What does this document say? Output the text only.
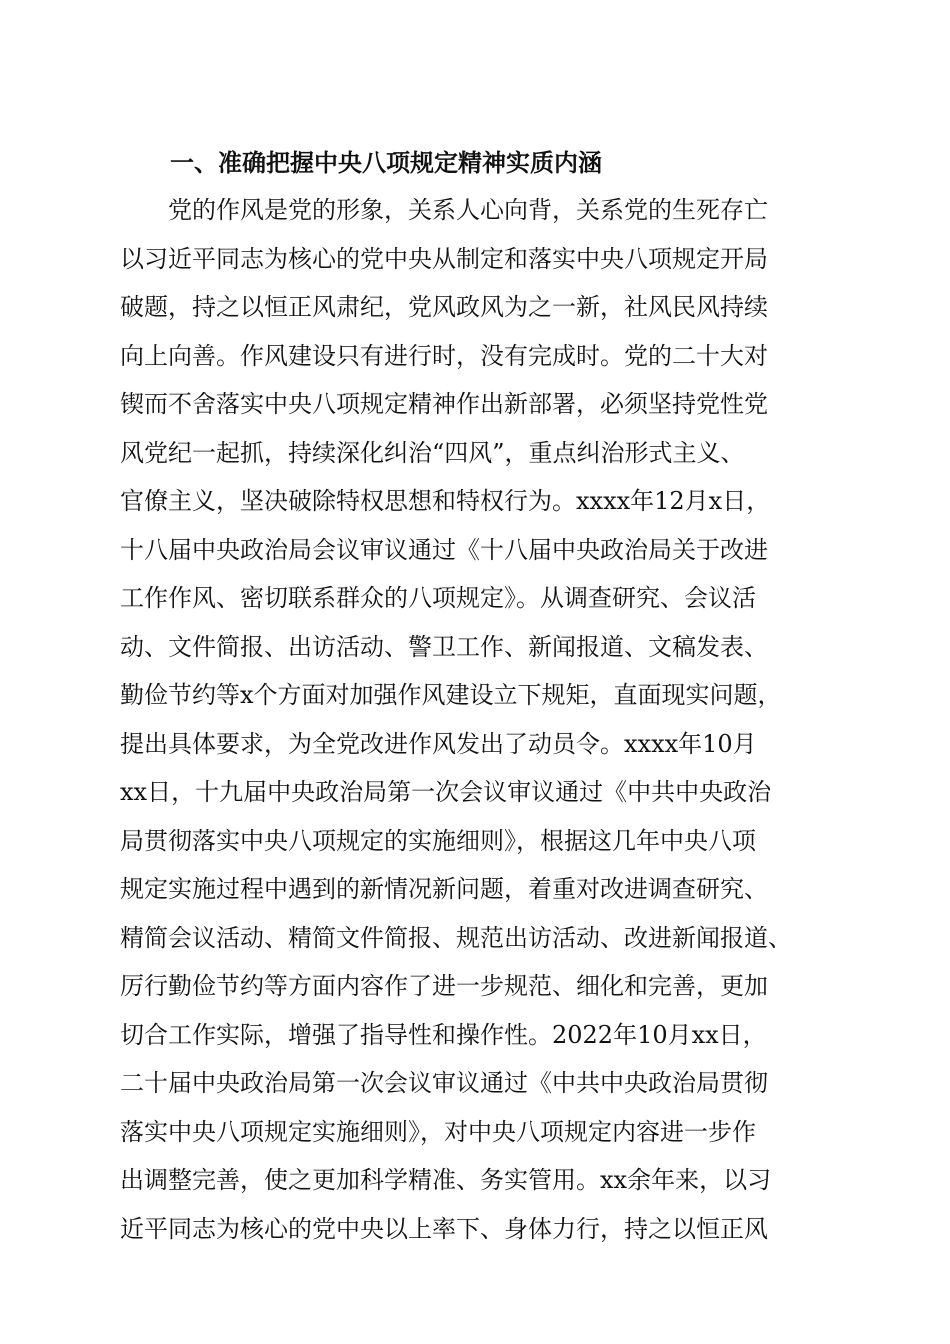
一、准确把握中央八项规定精神实质内涵
　　党的作风是党的形象，关系人心向背，关系党的生死存亡
以习近平同志为核心的党中央从制定和落实中央八项规定开局
破题，持之以恒正风肃纪，党风政风为之一新，社风民风持续
向上向善。作风建设只有进行时，没有完成时。党的二十大对
锲而不舍落实中央八项规定精神作出新部署，必须坚持党性党
风党纪一起抓，持续深化纠治“四风”，重点纠治形式主义、
官僚主义，坚决破除特权思想和特权行为。xxxx年12月x日，
十八届中央政治局会议审议通过《十八届中央政治局关于改进
工作作风、密切联系群众的八项规定》。从调查研究、会议活
动、文件简报、出访活动、警卫工作、新闻报道、文稿发表、
勤俭节约等x个方面对加强作风建设立下规矩，直面现实问题，
提出具体要求，为全党改进作风发出了动员令。xxxx年10月
xx日，十九届中央政治局第一次会议审议通过《中共中央政治
局贯彻落实中央八项规定的实施细则》，根据这几年中央八项
规定实施过程中遇到的新情况新问题，着重对改进调查研究、
精简会议活动、精简文件简报、规范出访活动、改进新闻报道、
厉行勤俭节约等方面内容作了进一步规范、细化和完善，更加
切合工作实际，增强了指导性和操作性。2022年10月xx日，
二十届中央政治局第一次会议审议通过《中共中央政治局贯彻
落实中央八项规定实施细则》，对中央八项规定内容进一步作
出调整完善，使之更加科学精准、务实管用。xx余年来，以习
近平同志为核心的党中央以上率下、身体力行，持之以恒正风
